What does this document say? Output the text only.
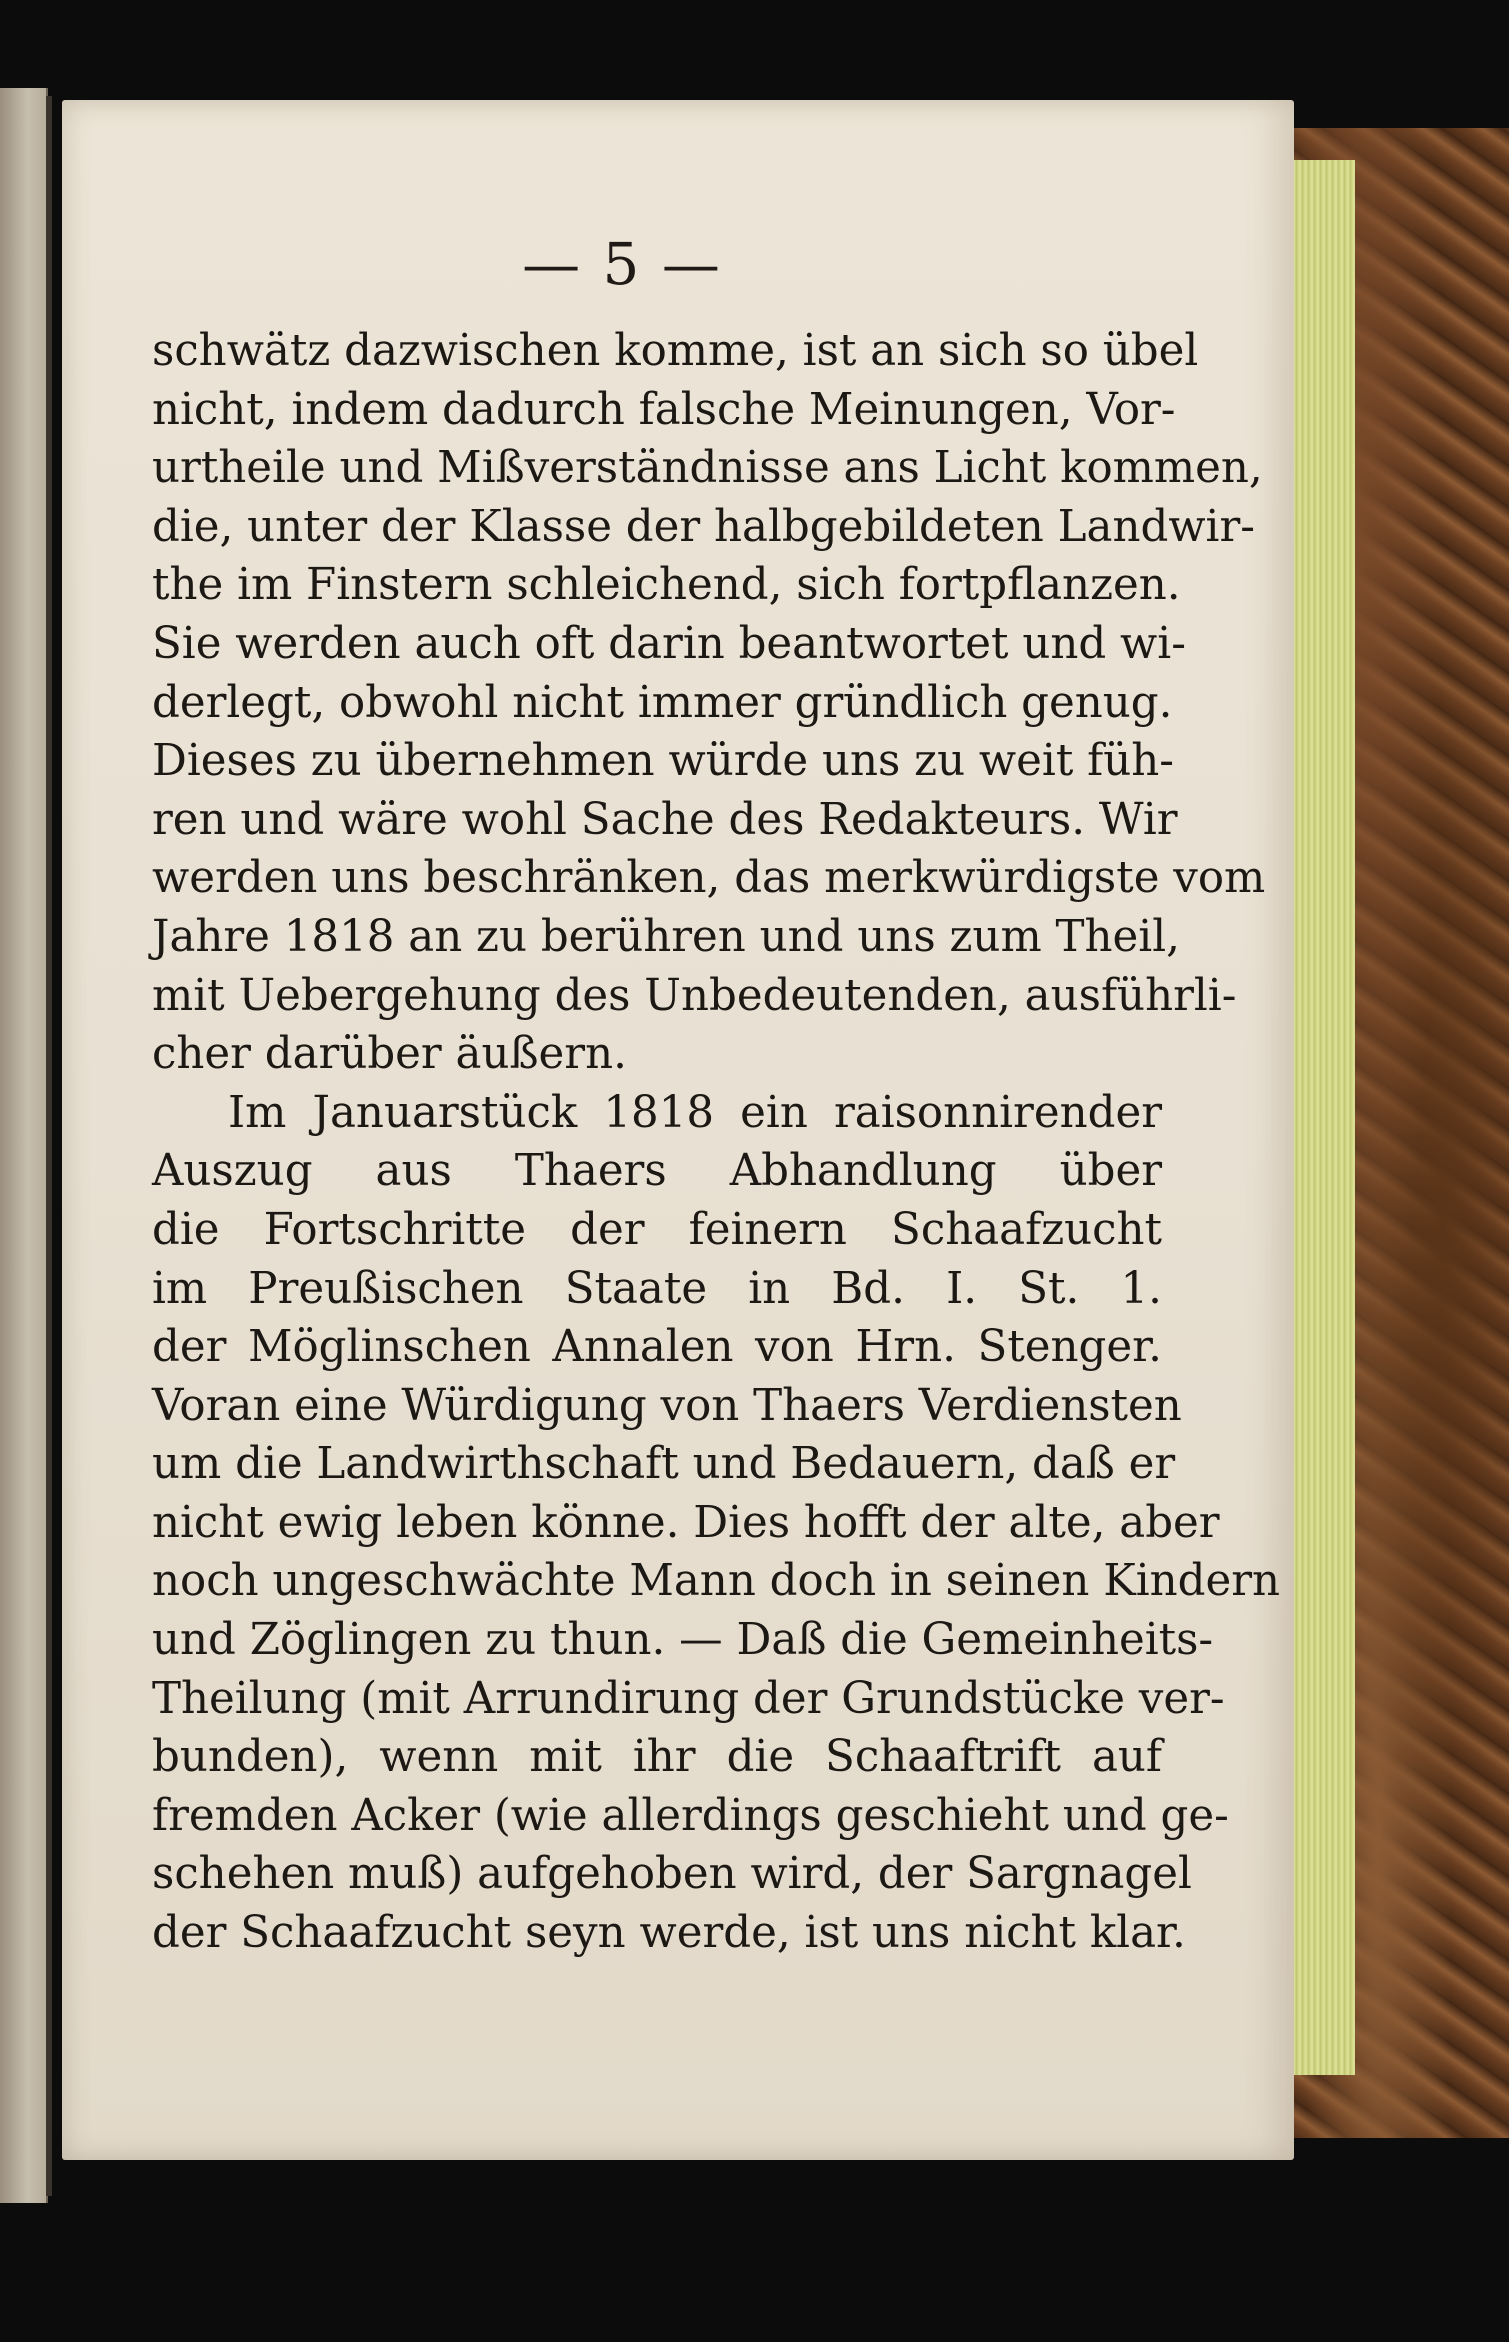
— 5 —
schwätz dazwischen komme, ist an sich so übel
nicht, indem dadurch falsche Meinungen, Vor-
urtheile und Mißverständnisse ans Licht kommen,
die, unter der Klasse der halbgebildeten Landwir-
the im Finstern schleichend, sich fortpflanzen.
Sie werden auch oft darin beantwortet und wi-
derlegt, obwohl nicht immer gründlich genug.
Dieses zu übernehmen würde uns zu weit füh-
ren und wäre wohl Sache des Redakteurs. Wir
werden uns beschränken, das merkwürdigste vom
Jahre 1818 an zu berühren und uns zum Theil,
mit Uebergehung des Unbedeutenden, ausführli-
cher darüber äußern.
Im Januarstück 1818 ein raisonnirender
Auszug aus Thaers Abhandlung über
die Fortschritte der feinern Schaafzucht
im Preußischen Staate in Bd. I. St. 1.
der Möglinschen Annalen von Hrn. Stenger.
Voran eine Würdigung von Thaers Verdiensten
um die Landwirthschaft und Bedauern, daß er
nicht ewig leben könne. Dies hofft der alte, aber
noch ungeschwächte Mann doch in seinen Kindern
und Zöglingen zu thun. — Daß die Gemeinheits-
Theilung (mit Arrundirung der Grundstücke ver-
bunden), wenn mit ihr die Schaaftrift auf
fremden Acker (wie allerdings geschieht und ge-
schehen muß) aufgehoben wird, der Sargnagel
der Schaafzucht seyn werde, ist uns nicht klar.
